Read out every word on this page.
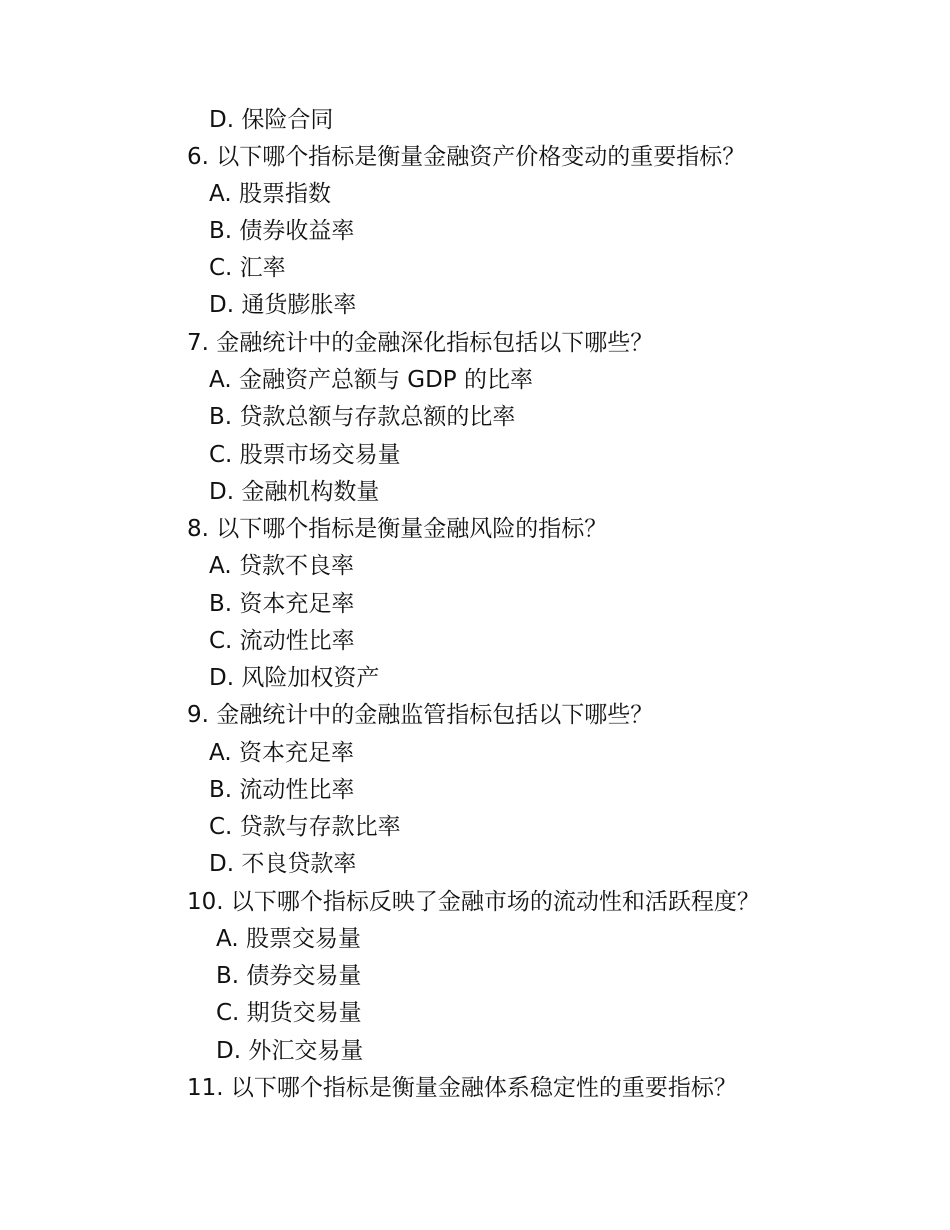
D. 保险合同
6. 以下哪个指标是衡量金融资产价格变动的重要指标？
A. 股票指数
B. 债券收益率
C. 汇率
D. 通货膨胀率
7. 金融统计中的金融深化指标包括以下哪些？
A. 金融资产总额与 GDP 的比率
B. 贷款总额与存款总额的比率
C. 股票市场交易量
D. 金融机构数量
8. 以下哪个指标是衡量金融风险的指标？
A. 贷款不良率
B. 资本充足率
C. 流动性比率
D. 风险加权资产
9. 金融统计中的金融监管指标包括以下哪些？
A. 资本充足率
B. 流动性比率
C. 贷款与存款比率
D. 不良贷款率
10. 以下哪个指标反映了金融市场的流动性和活跃程度？
A. 股票交易量
B. 债券交易量
C. 期货交易量
D. 外汇交易量
11. 以下哪个指标是衡量金融体系稳定性的重要指标？
